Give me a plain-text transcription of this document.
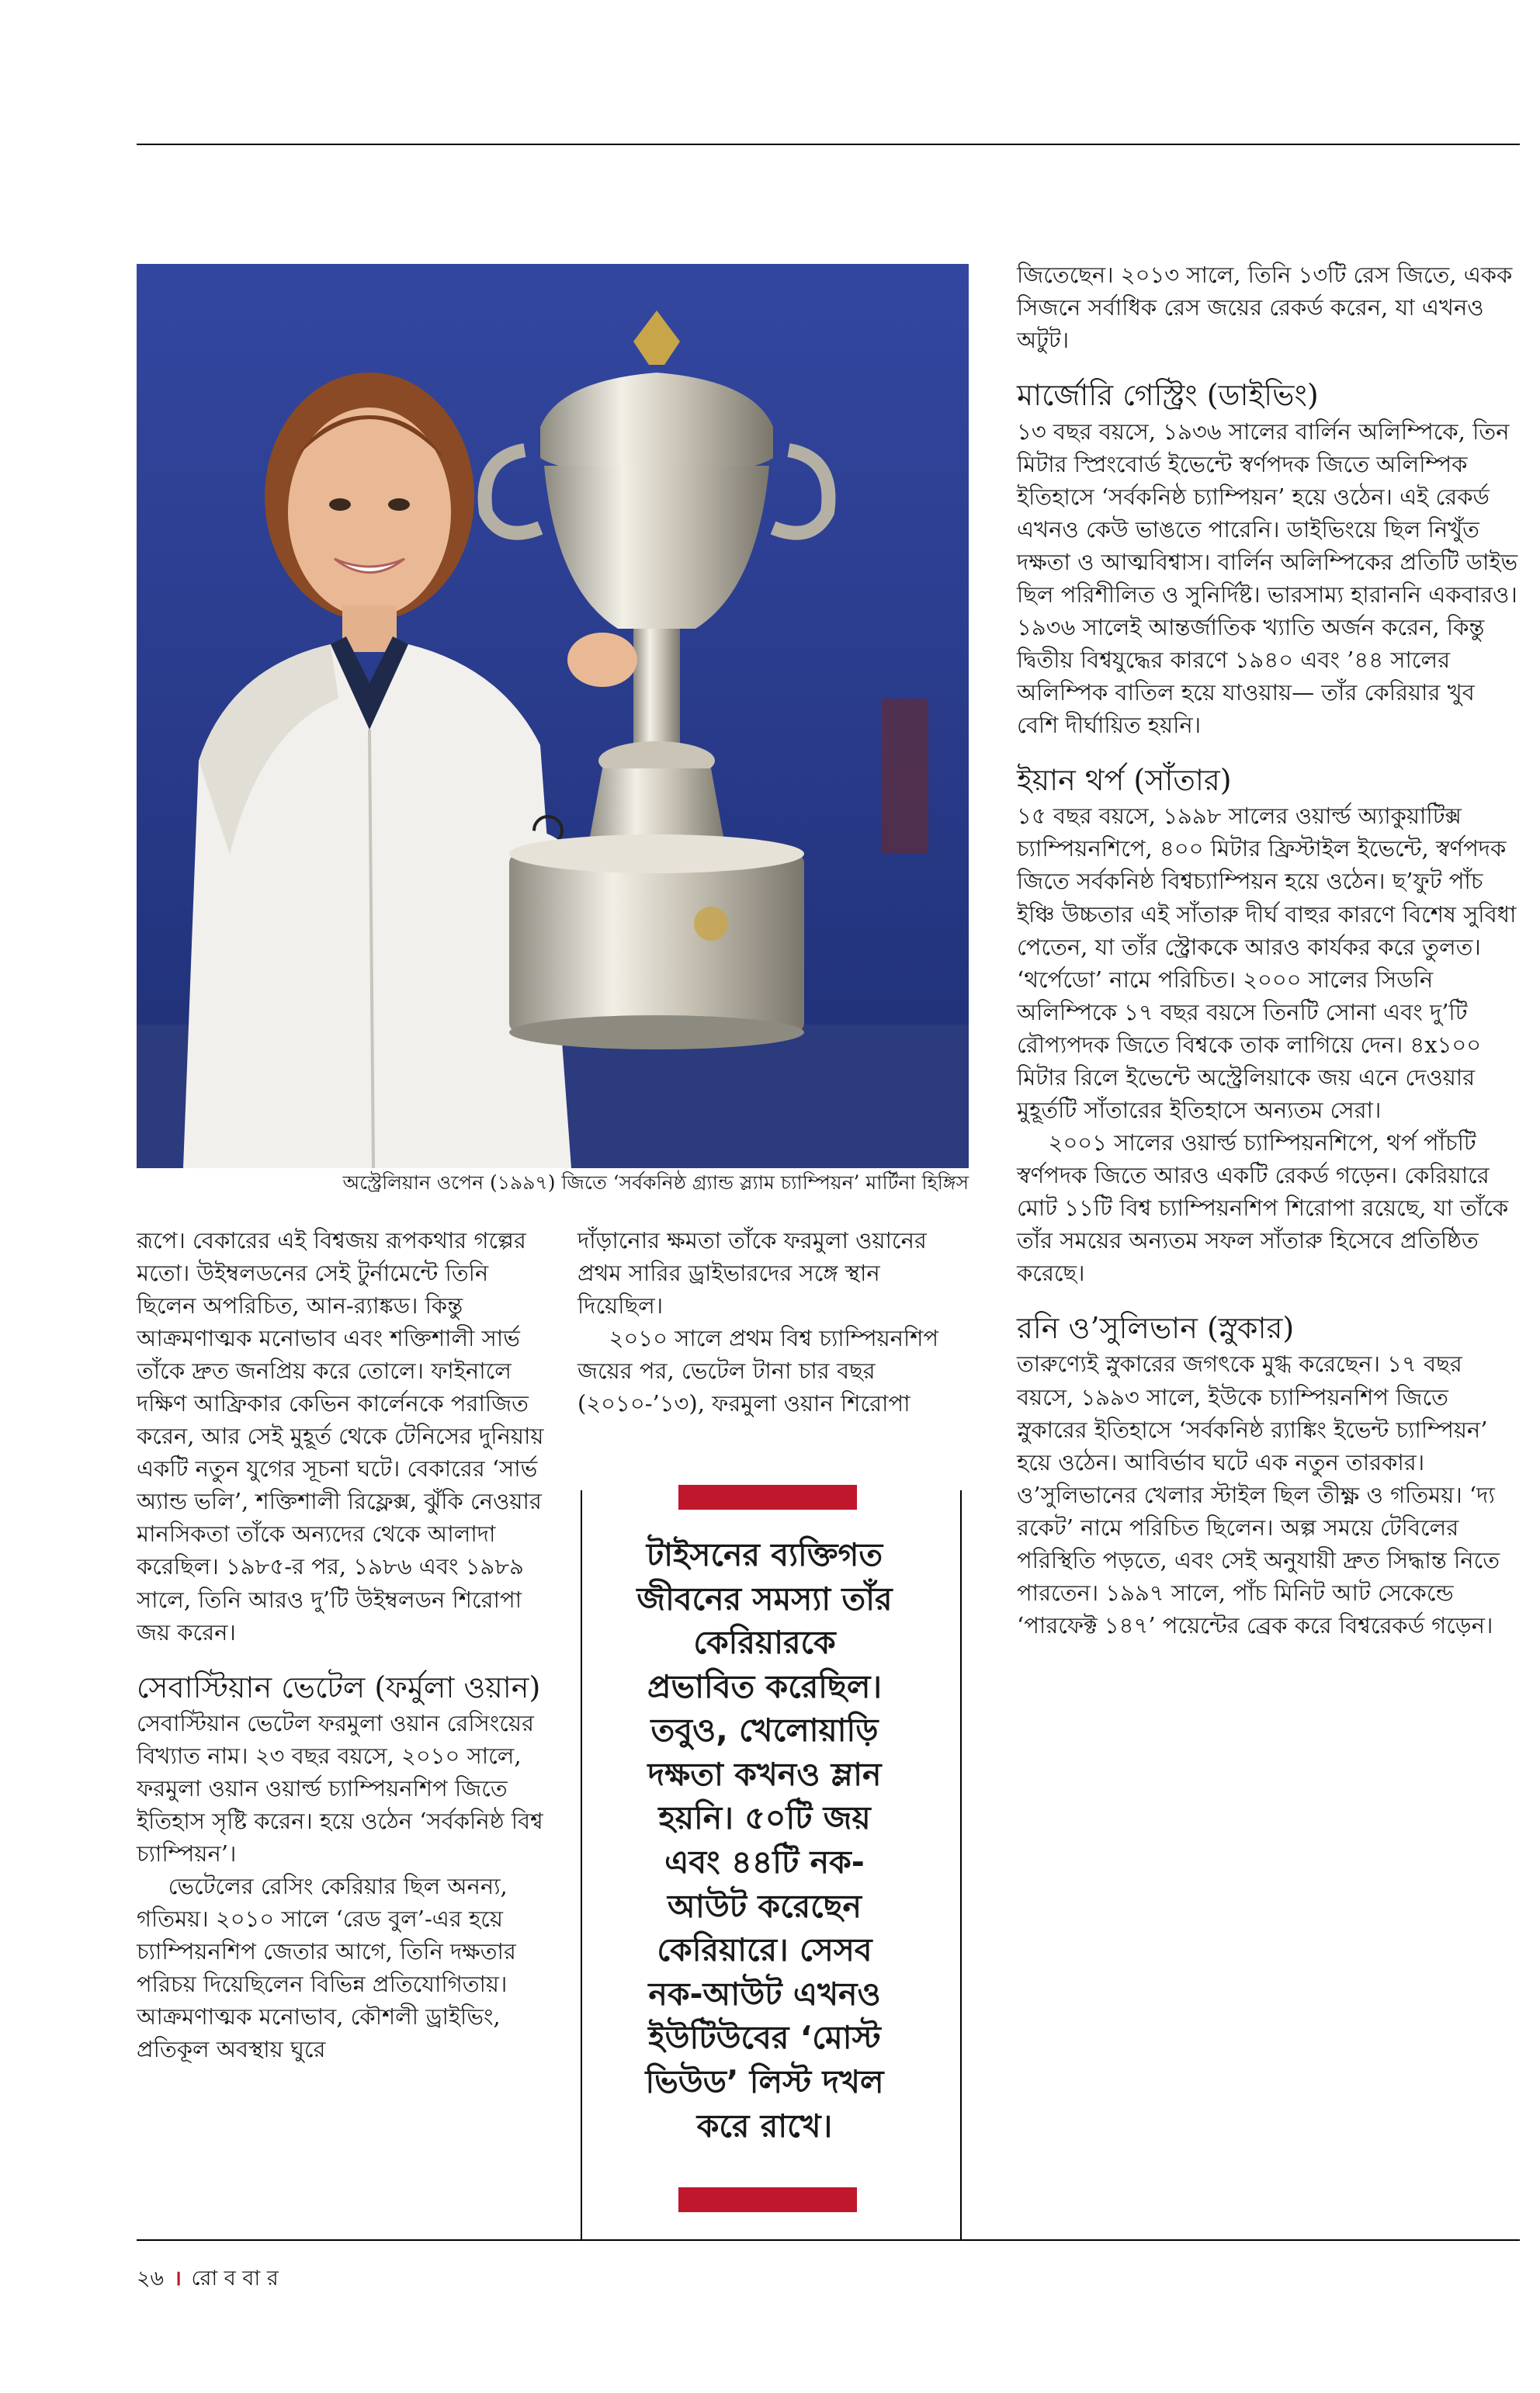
অস্ট্রেলিয়ান ওপেন (১৯৯৭) জিতে ‘সর্বকনিষ্ঠ গ্র্যান্ড স্ল্যাম চ্যাম্পিয়ন’ মার্টিনা হিঙ্গিস

রূপে। বেকারের এই বিশ্বজয় রূপকথার গল্পের মতো। উইম্বলডনের সেই টুর্নামেন্টে তিনি ছিলেন অপরিচিত, আন-র‍্যাঙ্কড। কিন্তু আক্রমণাত্মক মনোভাব এবং শক্তিশালী সার্ভ তাঁকে দ্রুত জনপ্রিয় করে তোলে। ফাইনালে দক্ষিণ আফ্রিকার কেভিন কার্লেনকে পরাজিত করেন, আর সেই মুহূর্ত থেকে টেনিসের দুনিয়ায় একটি নতুন যুগের সূচনা ঘটে। বেকারের ‘সার্ভ অ্যান্ড ভলি’, শক্তিশালী রিফ্লেক্স, ঝুঁকি নেওয়ার মানসিকতা তাঁকে অন্যদের থেকে আলাদা করেছিল। ১৯৮৫-র পর, ১৯৮৬ এবং ১৯৮৯ সালে, তিনি আরও দু’টি উইম্বলডন শিরোপা জয় করেন।

সেবাস্টিয়ান ভেটেল (ফর্মুলা ওয়ান)

সেবাস্টিয়ান ভেটেল ফরমুলা ওয়ান রেসিংয়ের বিখ্যাত নাম। ২৩ বছর বয়সে, ২০১০ সালে, ফরমুলা ওয়ান ওয়ার্ল্ড চ্যাম্পিয়নশিপ জিতে ইতিহাস সৃষ্টি করেন। হয়ে ওঠেন ‘সর্বকনিষ্ঠ বিশ্ব চ্যাম্পিয়ন’।

ভেটেলের রেসিং কেরিয়ার ছিল অনন্য, গতিময়। ২০১০ সালে ‘রেড বুল’-এর হয়ে চ্যাম্পিয়নশিপ জেতার আগে, তিনি দক্ষতার পরিচয় দিয়েছিলেন বিভিন্ন প্রতিযোগিতায়। আক্রমণাত্মক মনোভাব, কৌশলী ড্রাইভিং, প্রতিকূল অবস্থায় ঘুরে

দাঁড়ানোর ক্ষমতা তাঁকে ফরমুলা ওয়ানের প্রথম সারির ড্রাইভারদের সঙ্গে স্থান দিয়েছিল।

২০১০ সালে প্রথম বিশ্ব চ্যাম্পিয়নশিপ জয়ের পর, ভেটেল টানা চার বছর (২০১০-’১৩), ফরমুলা ওয়ান শিরোপা

টাইসনের ব্যক্তিগত জীবনের সমস্যা তাঁর কেরিয়ারকে প্রভাবিত করেছিল। তবুও, খেলোয়াড়ি দক্ষতা কখনও ম্লান হয়নি। ৫০টি জয় এবং ৪৪টি নক-আউট করেছেন কেরিয়ারে। সেসব নক-আউট এখনও ইউটিউবের ‘মোস্ট ভিউড’ লিস্ট দখল করে রাখে।

জিতেছেন। ২০১৩ সালে, তিনি ১৩টি রেস জিতে, একক সিজনে সর্বাধিক রেস জয়ের রেকর্ড করেন, যা এখনও অটুট।

মার্জোরি গেস্ট্রিং (ডাইভিং)

১৩ বছর বয়সে, ১৯৩৬ সালের বার্লিন অলিম্পিকে, তিন মিটার স্প্রিংবোর্ড ইভেন্টে স্বর্ণপদক জিতে অলিম্পিক ইতিহাসে ‘সর্বকনিষ্ঠ চ্যাম্পিয়ন’ হয়ে ওঠেন। এই রেকর্ড এখনও কেউ ভাঙতে পারেনি। ডাইভিংয়ে ছিল নিখুঁত দক্ষতা ও আত্মবিশ্বাস। বার্লিন অলিম্পিকের প্রতিটি ডাইভ ছিল পরিশীলিত ও সুনির্দিষ্ট। ভারসাম্য হারাননি একবারও। ১৯৩৬ সালেই আন্তর্জাতিক খ্যাতি অর্জন করেন, কিন্তু দ্বিতীয় বিশ্বযুদ্ধের কারণে ১৯৪০ এবং ’৪৪ সালের অলিম্পিক বাতিল হয়ে যাওয়ায়— তাঁর কেরিয়ার খুব বেশি দীর্ঘায়িত হয়নি।

ইয়ান থর্প (সাঁতার)

১৫ বছর বয়সে, ১৯৯৮ সালের ওয়ার্ল্ড অ্যাকুয়াটিক্স চ্যাম্পিয়নশিপে, ৪০০ মিটার ফ্রিস্টাইল ইভেন্টে, স্বর্ণপদক জিতে সর্বকনিষ্ঠ বিশ্বচ্যাম্পিয়ন হয়ে ওঠেন। ছ’ফুট পাঁচ ইঞ্চি উচ্চতার এই সাঁতারু দীর্ঘ বাহুর কারণে বিশেষ সুবিধা পেতেন, যা তাঁর স্ট্রোককে আরও কার্যকর করে তুলত। ‘থর্পেডো’ নামে পরিচিত। ২০০০ সালের সিডনি অলিম্পিকে ১৭ বছর বয়সে তিনটি সোনা এবং দু’টি রৌপ্যপদক জিতে বিশ্বকে তাক লাগিয়ে দেন। ৪x১০০ মিটার রিলে ইভেন্টে অস্ট্রেলিয়াকে জয় এনে দেওয়ার মুহূর্তটি সাঁতারের ইতিহাসে অন্যতম সেরা।

২০০১ সালের ওয়ার্ল্ড চ্যাম্পিয়নশিপে, থর্প পাঁচটি স্বর্ণপদক জিতে আরও একটি রেকর্ড গড়েন। কেরিয়ারে মোট ১১টি বিশ্ব চ্যাম্পিয়নশিপ শিরোপা রয়েছে, যা তাঁকে তাঁর সময়ের অন্যতম সফল সাঁতারু হিসেবে প্রতিষ্ঠিত করেছে।

রনি ও’সুলিভান (স্নুকার)

তারুণ্যেই স্নুকারের জগৎকে মুগ্ধ করেছেন। ১৭ বছর বয়সে, ১৯৯৩ সালে, ইউকে চ্যাম্পিয়নশিপ জিতে স্নুকারের ইতিহাসে ‘সর্বকনিষ্ঠ র‍্যাঙ্কিং ইভেন্ট চ্যাম্পিয়ন’ হয়ে ওঠেন। আবির্ভাব ঘটে এক নতুন তারকার। ও’সুলিভানের খেলার স্টাইল ছিল তীক্ষ্ণ ও গতিময়। ‘দ্য রকেট’ নামে পরিচিত ছিলেন। অল্প সময়ে টেবিলের পরিস্থিতি পড়তে, এবং সেই অনুযায়ী দ্রুত সিদ্ধান্ত নিতে পারতেন। ১৯৯৭ সালে, পাঁচ মিনিট আট সেকেন্ডে ‘পারফেক্ট ১৪৭’ পয়েন্টের ব্রেক করে বিশ্বরেকর্ড গড়েন।

২৬ । রো ব বা র
